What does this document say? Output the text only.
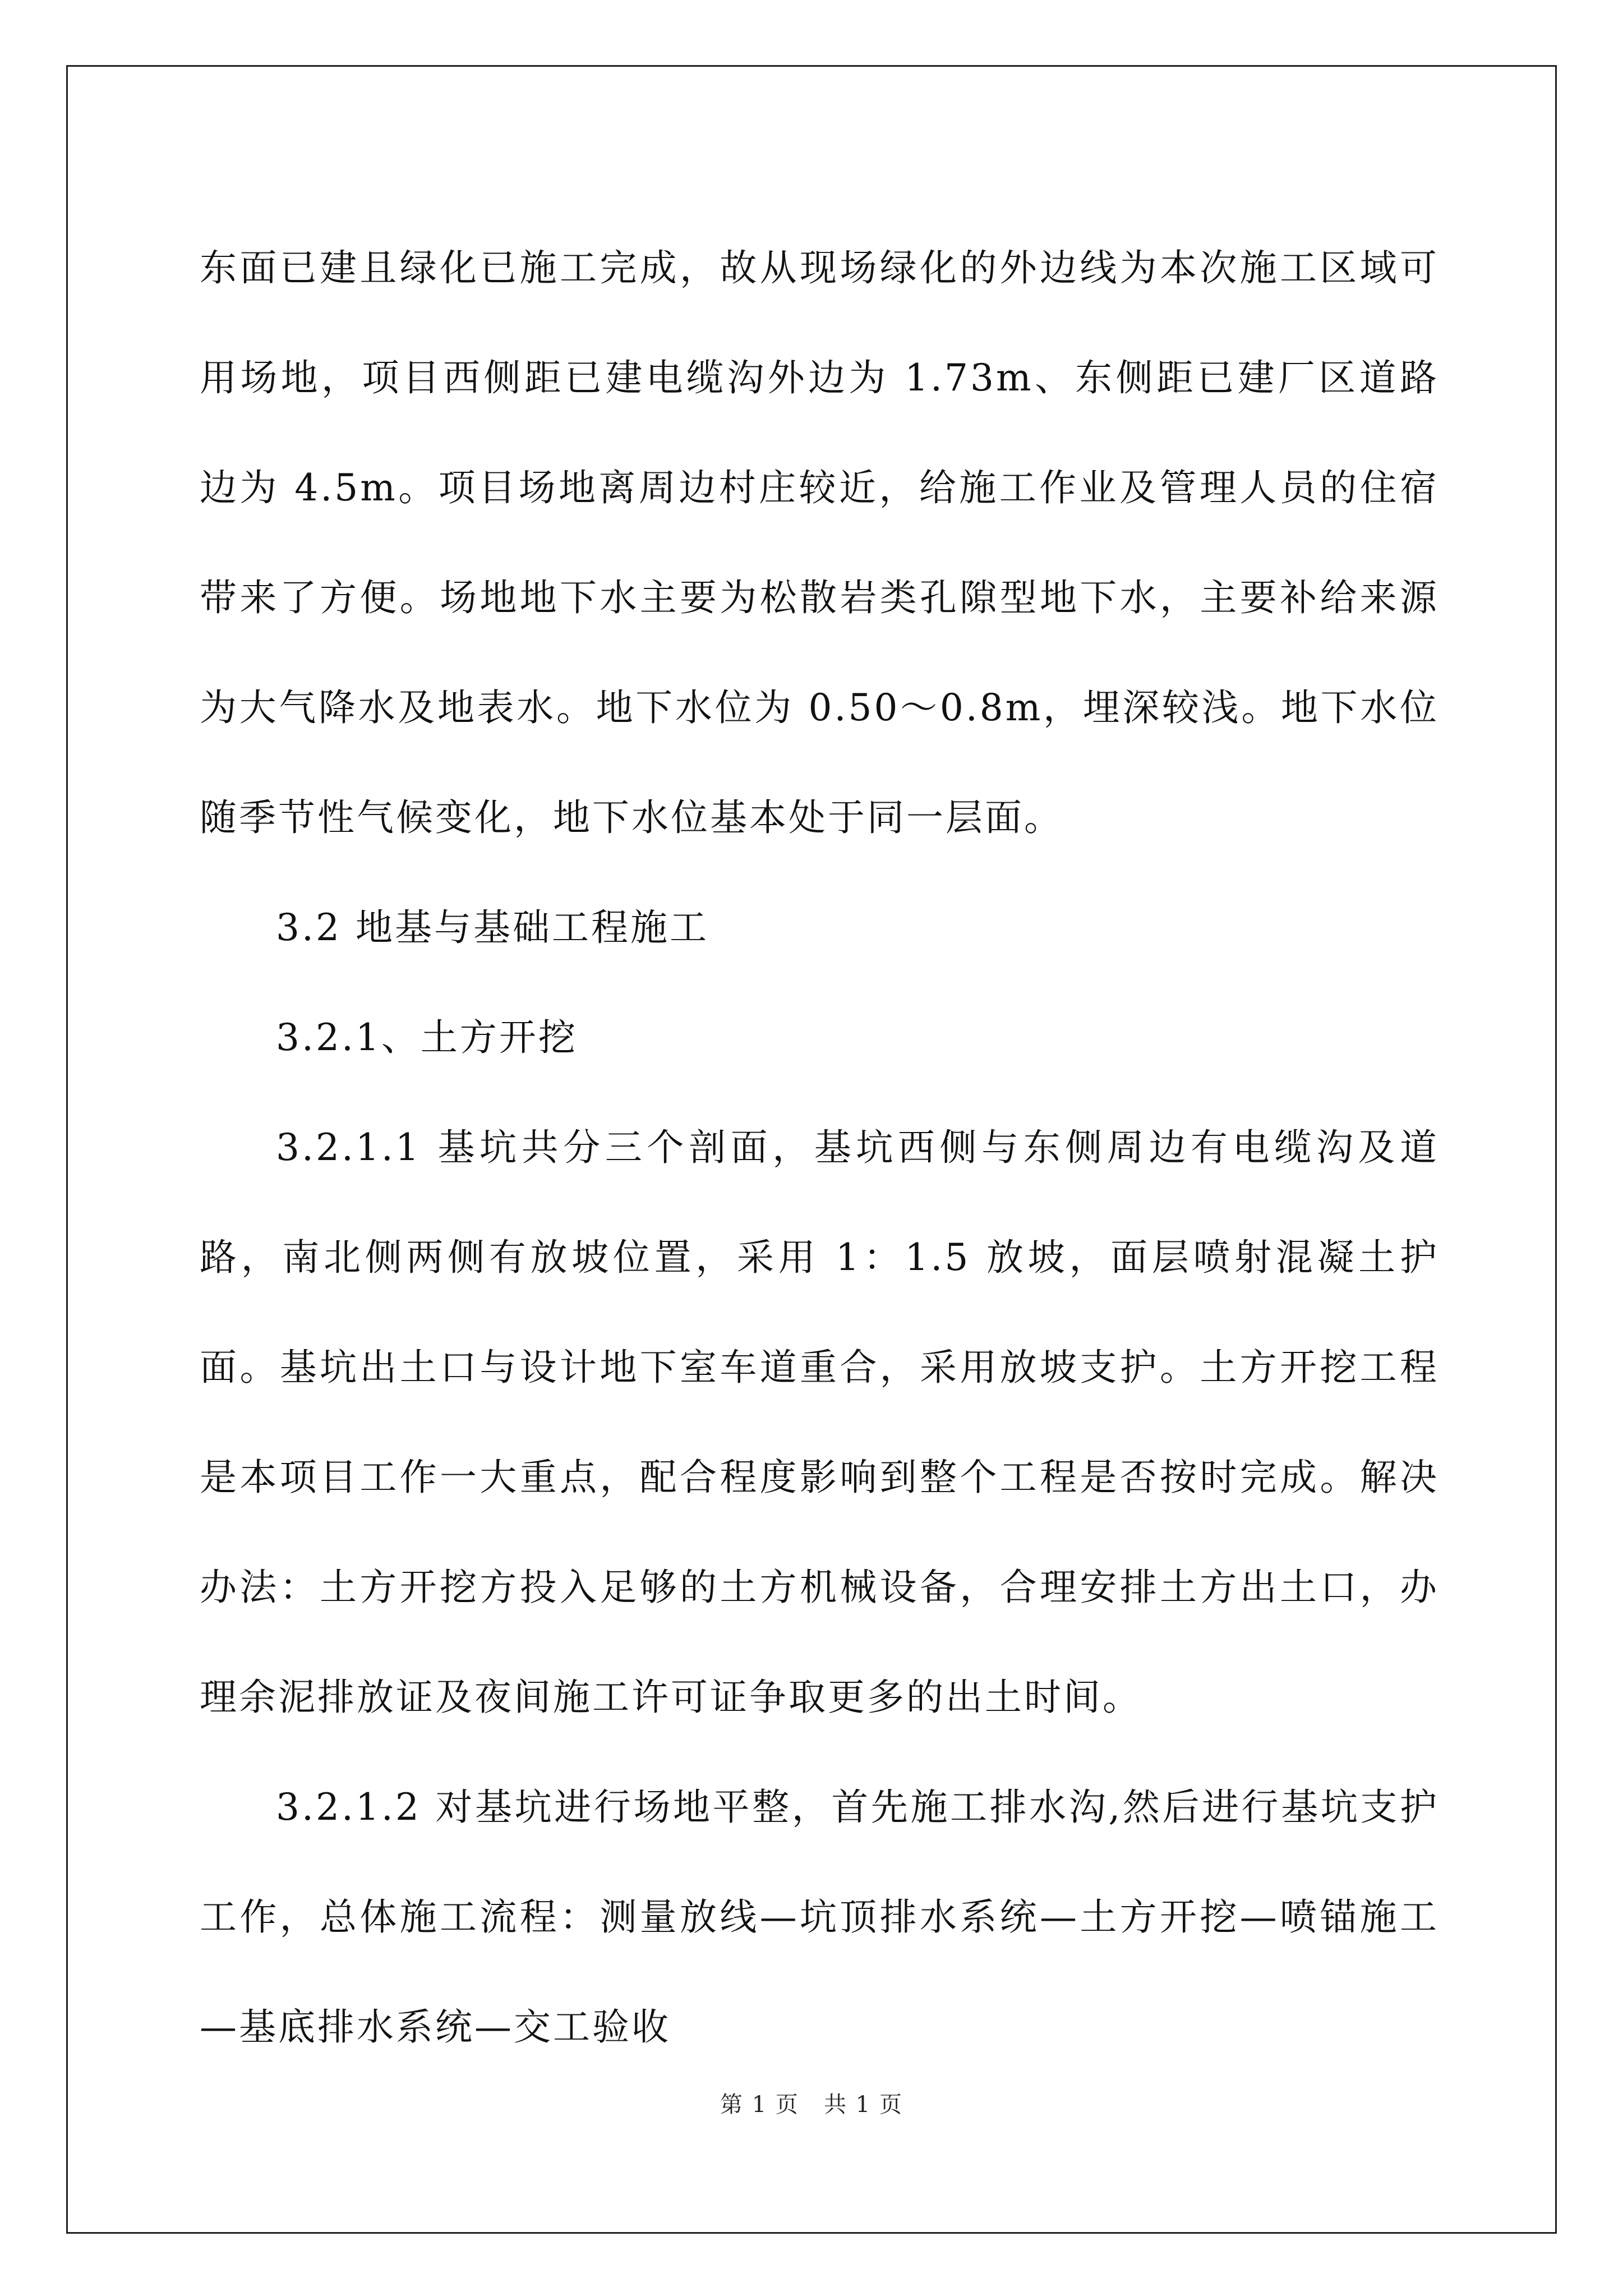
东面已建且绿化已施工完成，故从现场绿化的外边线为本次施工区域可用场地，项目西侧距已建电缆沟外边为 1.73m、东侧距已建厂区道路边为 4.5m。项目场地离周边村庄较近，给施工作业及管理人员的住宿带来了方便。场地地下水主要为松散岩类孔隙型地下水，主要补给来源为大气降水及地表水。地下水位为 0.50～0.8m，埋深较浅。地下水位随季节性气候变化，地下水位基本处于同一层面。

3.2 地基与基础工程施工

3.2.1、土方开挖

3.2.1.1 基坑共分三个剖面，基坑西侧与东侧周边有电缆沟及道路，南北侧两侧有放坡位置，采用 1：1.5 放坡，面层喷射混凝土护面。基坑出土口与设计地下室车道重合，采用放坡支护。土方开挖工程是本项目工作一大重点，配合程度影响到整个工程是否按时完成。解决办法：土方开挖方投入足够的土方机械设备，合理安排土方出土口，办理余泥排放证及夜间施工许可证争取更多的出土时间。

3.2.1.2 对基坑进行场地平整，首先施工排水沟,然后进行基坑支护工作，总体施工流程：测量放线—坑顶排水系统—土方开挖—喷锚施工—基底排水系统—交工验收

第 1 页 共 1 页
